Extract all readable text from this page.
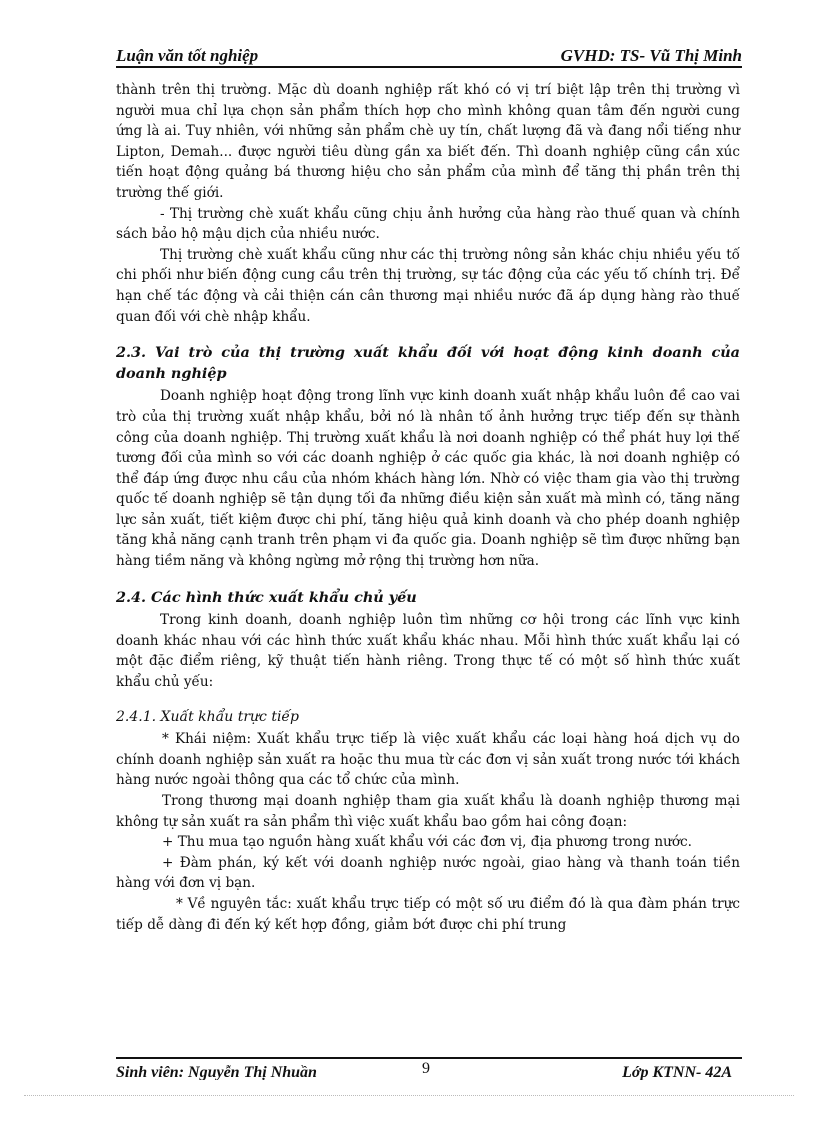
Luận văn tốt nghiệp	GVHD: TS- Vũ Thị Minh

thành trên thị trường. Mặc dù doanh nghiệp rất khó có vị trí biệt lập trên thị trường vì người mua chỉ lựa chọn sản phẩm thích hợp cho mình không quan tâm đến người cung ứng là ai. Tuy nhiên, với những sản phẩm chè uy tín, chất lượng đã và đang nổi tiếng như Lipton, Demah... được người tiêu dùng gần xa biết đến. Thì doanh nghiệp cũng cần xúc tiến hoạt động quảng bá thương hiệu cho sản phẩm của mình để tăng thị phần trên thị trường thế giới.

- Thị trường chè xuất khẩu cũng chịu ảnh hưởng của hàng rào thuế quan và chính sách bảo hộ mậu dịch của nhiều nước.

Thị trường chè xuất khẩu cũng như các thị trường nông sản khác chịu nhiều yếu tố chi phối như biến động cung cầu trên thị trường, sự tác động của các yếu tố chính trị. Để hạn chế tác động và cải thiện cán cân thương mại nhiều nước đã áp dụng hàng rào thuế quan đối với chè nhập khẩu.

2.3. Vai trò của thị trường xuất khẩu đối với hoạt động kinh doanh của doanh nghiệp

Doanh nghiệp hoạt động trong lĩnh vực kinh doanh xuất nhập khẩu luôn đề cao vai trò của thị trường xuất nhập khẩu, bởi nó là nhân tố ảnh hưởng trực tiếp đến sự thành công của doanh nghiệp. Thị trường xuất khẩu là nơi doanh nghiệp có thể phát huy lợi thế tương đối của mình so với các doanh nghiệp ở các quốc gia khác, là nơi doanh nghiệp có thể đáp ứng được nhu cầu của nhóm khách hàng lớn. Nhờ có việc tham gia vào thị trường quốc tế doanh nghiệp sẽ tận dụng tối đa những điều kiện sản xuất mà mình có, tăng năng lực sản xuất, tiết kiệm được chi phí, tăng hiệu quả kinh doanh và cho phép doanh nghiệp tăng khả năng cạnh tranh trên phạm vi đa quốc gia. Doanh nghiệp sẽ tìm được những bạn hàng tiềm năng và không ngừng mở rộng thị trường hơn nữa.

2.4. Các hình thức xuất khẩu chủ yếu

Trong kinh doanh, doanh nghiệp luôn tìm những cơ hội trong các lĩnh vực kinh doanh khác nhau với các hình thức xuất khẩu khác nhau. Mỗi hình thức xuất khẩu lại có một đặc điểm riêng, kỹ thuật tiến hành riêng. Trong thực tế có một số hình thức xuất khẩu chủ yếu:

2.4.1. Xuất khẩu trực tiếp

* Khái niệm: Xuất khẩu trực tiếp là việc xuất khẩu các loại hàng hoá dịch vụ do chính doanh nghiệp sản xuất ra hoặc thu mua từ các đơn vị sản xuất trong nước tới khách hàng nước ngoài thông qua các tổ chức của mình.

Trong thương mại doanh nghiệp tham gia xuất khẩu là doanh nghiệp thương mại không tự sản xuất ra sản phẩm thì việc xuất khẩu bao gồm hai công đoạn:

+ Thu mua tạo nguồn hàng xuất khẩu với các đơn vị, địa phương trong nước.

+ Đàm phán, ký kết với doanh nghiệp nước ngoài, giao hàng và thanh toán tiền hàng với đơn vị bạn.

* Về nguyên tắc: xuất khẩu trực tiếp có một số ưu điểm đó là qua đàm phán trực tiếp dễ dàng đi đến ký kết hợp đồng, giảm bớt được chi phí trung

Sinh viên: Nguyễn Thị Nhuần	9	Lớp KTNN- 42A
